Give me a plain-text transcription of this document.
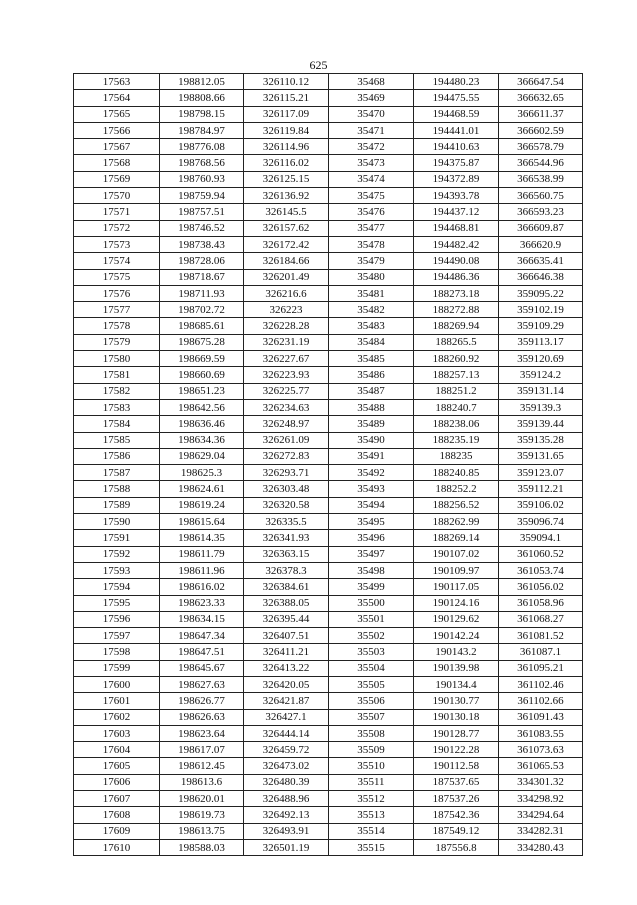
625
17563	198812.05	326110.12	35468	194480.23	366647.54
17564	198808.66	326115.21	35469	194475.55	366632.65
17565	198798.15	326117.09	35470	194468.59	366611.37
17566	198784.97	326119.84	35471	194441.01	366602.59
17567	198776.08	326114.96	35472	194410.63	366578.79
17568	198768.56	326116.02	35473	194375.87	366544.96
17569	198760.93	326125.15	35474	194372.89	366538.99
17570	198759.94	326136.92	35475	194393.78	366560.75
17571	198757.51	326145.5	35476	194437.12	366593.23
17572	198746.52	326157.62	35477	194468.81	366609.87
17573	198738.43	326172.42	35478	194482.42	366620.9
17574	198728.06	326184.66	35479	194490.08	366635.41
17575	198718.67	326201.49	35480	194486.36	366646.38
17576	198711.93	326216.6	35481	188273.18	359095.22
17577	198702.72	326223	35482	188272.88	359102.19
17578	198685.61	326228.28	35483	188269.94	359109.29
17579	198675.28	326231.19	35484	188265.5	359113.17
17580	198669.59	326227.67	35485	188260.92	359120.69
17581	198660.69	326223.93	35486	188257.13	359124.2
17582	198651.23	326225.77	35487	188251.2	359131.14
17583	198642.56	326234.63	35488	188240.7	359139.3
17584	198636.46	326248.97	35489	188238.06	359139.44
17585	198634.36	326261.09	35490	188235.19	359135.28
17586	198629.04	326272.83	35491	188235	359131.65
17587	198625.3	326293.71	35492	188240.85	359123.07
17588	198624.61	326303.48	35493	188252.2	359112.21
17589	198619.24	326320.58	35494	188256.52	359106.02
17590	198615.64	326335.5	35495	188262.99	359096.74
17591	198614.35	326341.93	35496	188269.14	359094.1
17592	198611.79	326363.15	35497	190107.02	361060.52
17593	198611.96	326378.3	35498	190109.97	361053.74
17594	198616.02	326384.61	35499	190117.05	361056.02
17595	198623.33	326388.05	35500	190124.16	361058.96
17596	198634.15	326395.44	35501	190129.62	361068.27
17597	198647.34	326407.51	35502	190142.24	361081.52
17598	198647.51	326411.21	35503	190143.2	361087.1
17599	198645.67	326413.22	35504	190139.98	361095.21
17600	198627.63	326420.05	35505	190134.4	361102.46
17601	198626.77	326421.87	35506	190130.77	361102.66
17602	198626.63	326427.1	35507	190130.18	361091.43
17603	198623.64	326444.14	35508	190128.77	361083.55
17604	198617.07	326459.72	35509	190122.28	361073.63
17605	198612.45	326473.02	35510	190112.58	361065.53
17606	198613.6	326480.39	35511	187537.65	334301.32
17607	198620.01	326488.96	35512	187537.26	334298.92
17608	198619.73	326492.13	35513	187542.36	334294.64
17609	198613.75	326493.91	35514	187549.12	334282.31
17610	198588.03	326501.19	35515	187556.8	334280.43
